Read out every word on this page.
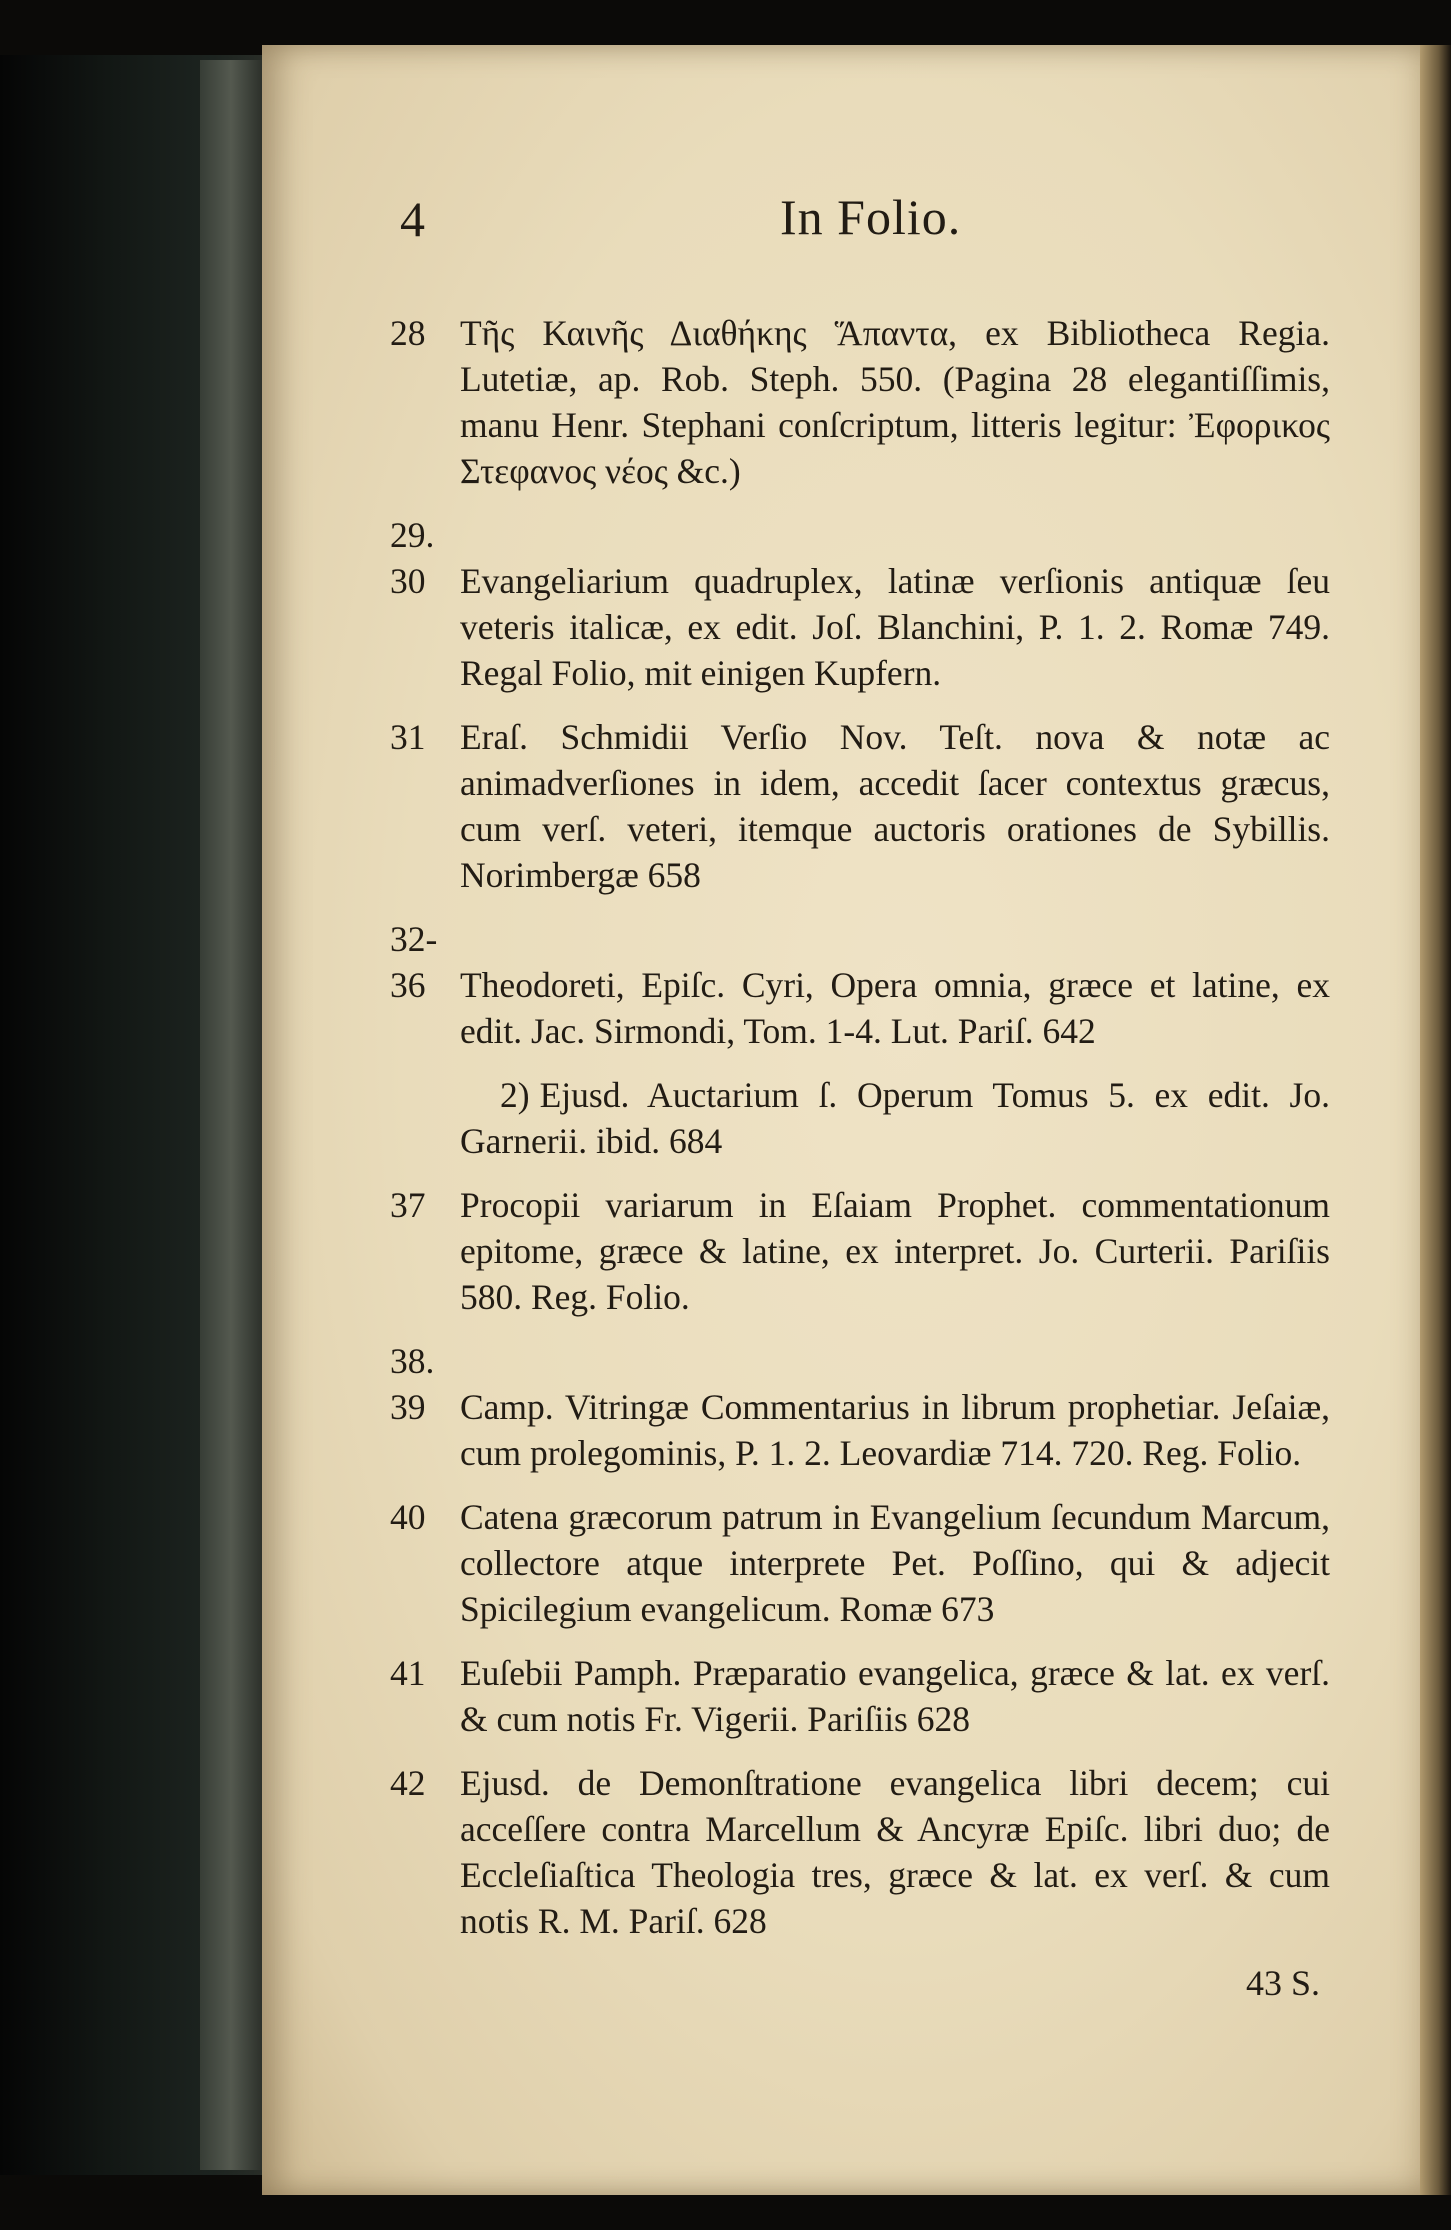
4	In Folio.
28 Τῆς Καινῆς Διαθήκης Ἅπαντα, ex Bibliotheca Regia. Lutetiæ, ap. Rob. Steph. 550. (Pagina 28 elegantiſſimis, manu Henr. Stephani conſcriptum, litteris legitur: Ἐφορικος Στεφανος νέος &c.)
29. 30 Evangeliarium quadruplex, latinæ verſionis antiquæ ſeu veteris italicæ, ex edit. Joſ. Blanchini, P. 1. 2. Romæ 749. Regal Folio, mit einigen Kupfern.
31 Eraſ. Schmidii Verſio Nov. Teſt. nova & notæ ac animadverſiones in idem, accedit ſacer contextus græcus, cum verſ. veteri, itemque auctoris orationes de Sybillis. Norimbergæ 658
32-36 Theodoreti, Epiſc. Cyri, Opera omnia, græce et latine, ex edit. Jac. Sirmondi, Tom. 1-4. Lut. Pariſ. 642
2) Ejusd. Auctarium ſ. Operum Tomus 5. ex edit. Jo. Garnerii. ibid. 684
37 Procopii variarum in Eſaiam Prophet. commentationum epitome, græce & latine, ex interpret. Jo. Curterii. Pariſiis 580. Reg. Folio.
38. 39 Camp. Vitringæ Commentarius in librum prophetiar. Jeſaiæ, cum prolegominis, P. 1. 2. Leovardiæ 714. 720. Reg. Folio.
40 Catena græcorum patrum in Evangelium ſecundum Marcum, collectore atque interprete Pet. Poſſino, qui & adjecit Spicilegium evangelicum. Romæ 673
41 Euſebii Pamph. Præparatio evangelica, græce & lat. ex verſ. & cum notis Fr. Vigerii. Pariſiis 628
42 Ejusd. de Demonſtratione evangelica libri decem; cui acceſſere contra Marcellum & Ancyræ Epiſc. libri duo; de Eccleſiaſtica Theologia tres, græce & lat. ex verſ. & cum notis R. M. Pariſ. 628
43 S.
